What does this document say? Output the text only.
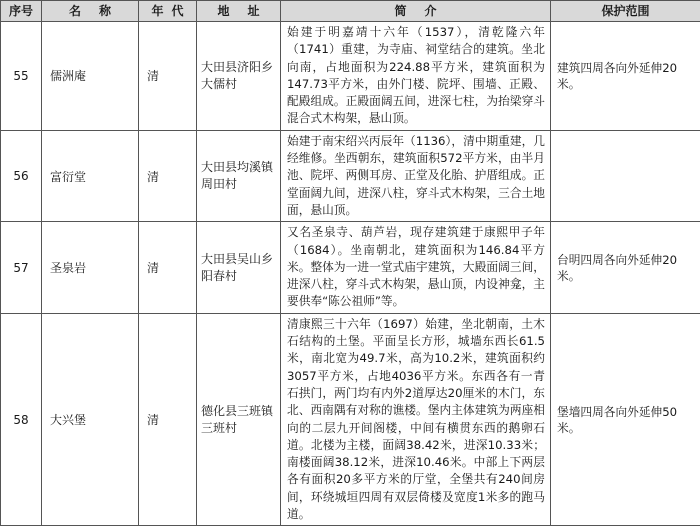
序号	名称	年代	地址	简介	保护范围
55	儒洲庵	清	大田县济阳乡大儒村	始建于明嘉靖十六年（1537），清乾隆六年（1741）重建，为寺庙、祠堂结合的建筑。坐北向南，占地面积为224.88平方米，建筑面积为147.73平方米，由外门楼、院坪、围墙、正殿、配殿组成。正殿面阔五间，进深七柱，为抬梁穿斗混合式木构架，悬山顶。	建筑四周各向外延伸20米。
56	富衍堂	清	大田县均溪镇周田村	始建于南宋绍兴丙辰年（1136），清中期重建，几经维修。坐西朝东，建筑面积572平方米，由半月池、院坪、两侧耳房、正堂及化胎、护厝组成。正堂面阔九间，进深八柱，穿斗式木构架，三合土地面，悬山顶。	
57	圣泉岩	清	大田县吴山乡阳春村	又名圣泉寺、葫芦岩，现存建筑建于康熙甲子年（1684）。坐南朝北，建筑面积为146.84平方米。整体为一进一堂式庙宇建筑，大殿面阔三间，进深八柱，穿斗式木构架，悬山顶，内设神龛，主要供奉“陈公祖师”等。	台明四周各向外延伸20米。
58	大兴堡	清	德化县三班镇三班村	清康熙三十六年（1697）始建，坐北朝南，土木石结构的土堡。平面呈长方形，城墙东西长61.5米，南北宽为49.7米，高为10.2米，建筑面积约3057平方米，占地4036平方米。东西各有一青石拱门，两门均有内外2道厚达20厘米的木门，东北、西南隅有对称的谯楼。堡内主体建筑为两座相向的二层九开间阁楼，中间有横贯东西的鹅卵石道。北楼为主楼，面阔38.42米，进深10.33米；南楼面阔38.12米，进深10.46米。中部上下两层各有面积20多平方米的厅堂，全堡共有240间房间，环绕城垣四周有双层倚楼及宽度1米多的跑马道。	堡墙四周各向外延伸50米。
